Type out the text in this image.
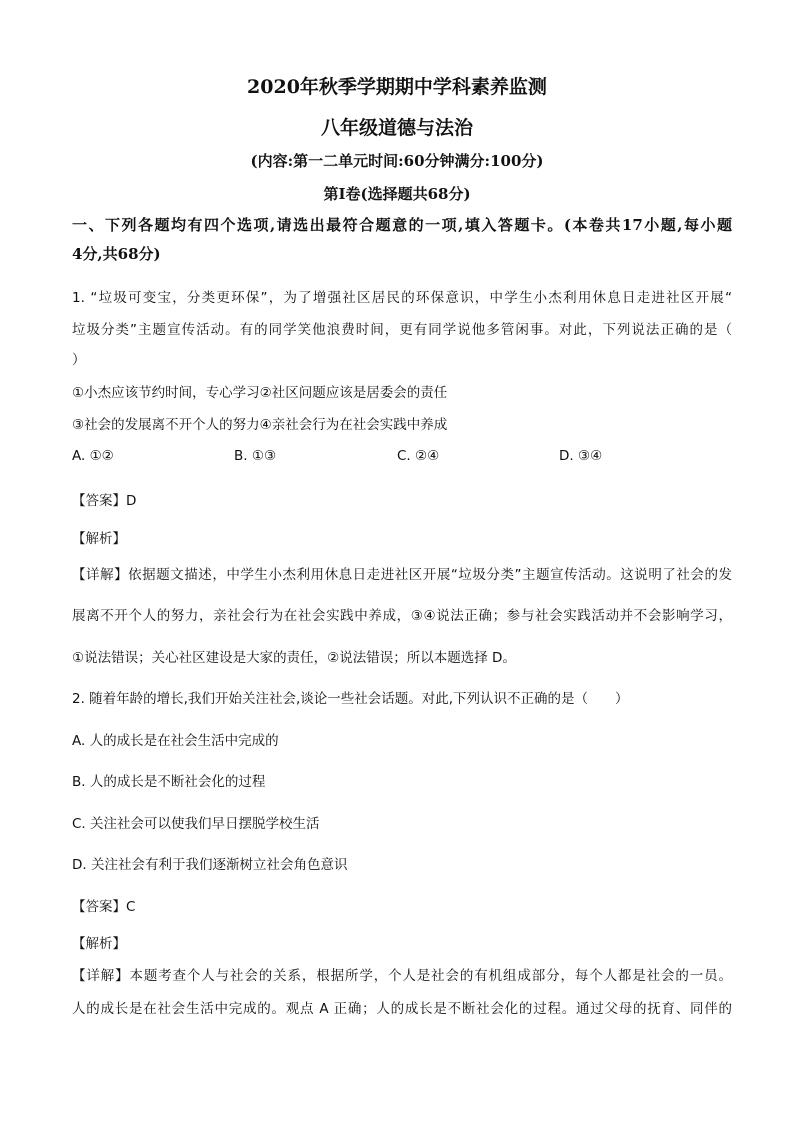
2020年秋季学期期中学科素养监测
八年级道德与法治
(内容:第一二单元时间:60分钟满分:100分)
第Ⅰ卷(选择题共68分)
一、下列各题均有四个选项,请选出最符合题意的一项,填入答题卡。(本卷共17小题,每小题
4分,共68分)
1. “垃圾可变宝，分类更环保”，为了增强社区居民的环保意识，中学生小杰利用休息日走进社区开展“
垃圾分类”主题宣传活动。有的同学笑他浪费时间，更有同学说他多管闲事。对此，下列说法正确的是（
）
①小杰应该节约时间，专心学习②社区问题应该是居委会的责任
③社会的发展离不开个人的努力④亲社会行为在社会实践中养成
A. ①②	B. ①③	C. ②④	D. ③④
【答案】D
【解析】
【详解】依据题文描述，中学生小杰利用休息日走进社区开展“垃圾分类”主题宣传活动。这说明了社会的发
展离不开个人的努力，亲社会行为在社会实践中养成，③④说法正确；参与社会实践活动并不会影响学习，
①说法错误；关心社区建设是大家的责任，②说法错误；所以本题选择 D。
2. 随着年龄的增长,我们开始关注社会,谈论一些社会话题。对此,下列认识不正确的是（　　）
A. 人的成长是在社会生活中完成的
B. 人的成长是不断社会化的过程
C. 关注社会可以使我们早日摆脱学校生活
D. 关注社会有利于我们逐渐树立社会角色意识
【答案】C
【解析】
【详解】本题考查个人与社会的关系，根据所学，个人是社会的有机组成部分，每个人都是社会的一员。
人的成长是在社会生活中完成的。观点 A 正确；人的成长是不断社会化的过程。通过父母的抚育、同伴的
